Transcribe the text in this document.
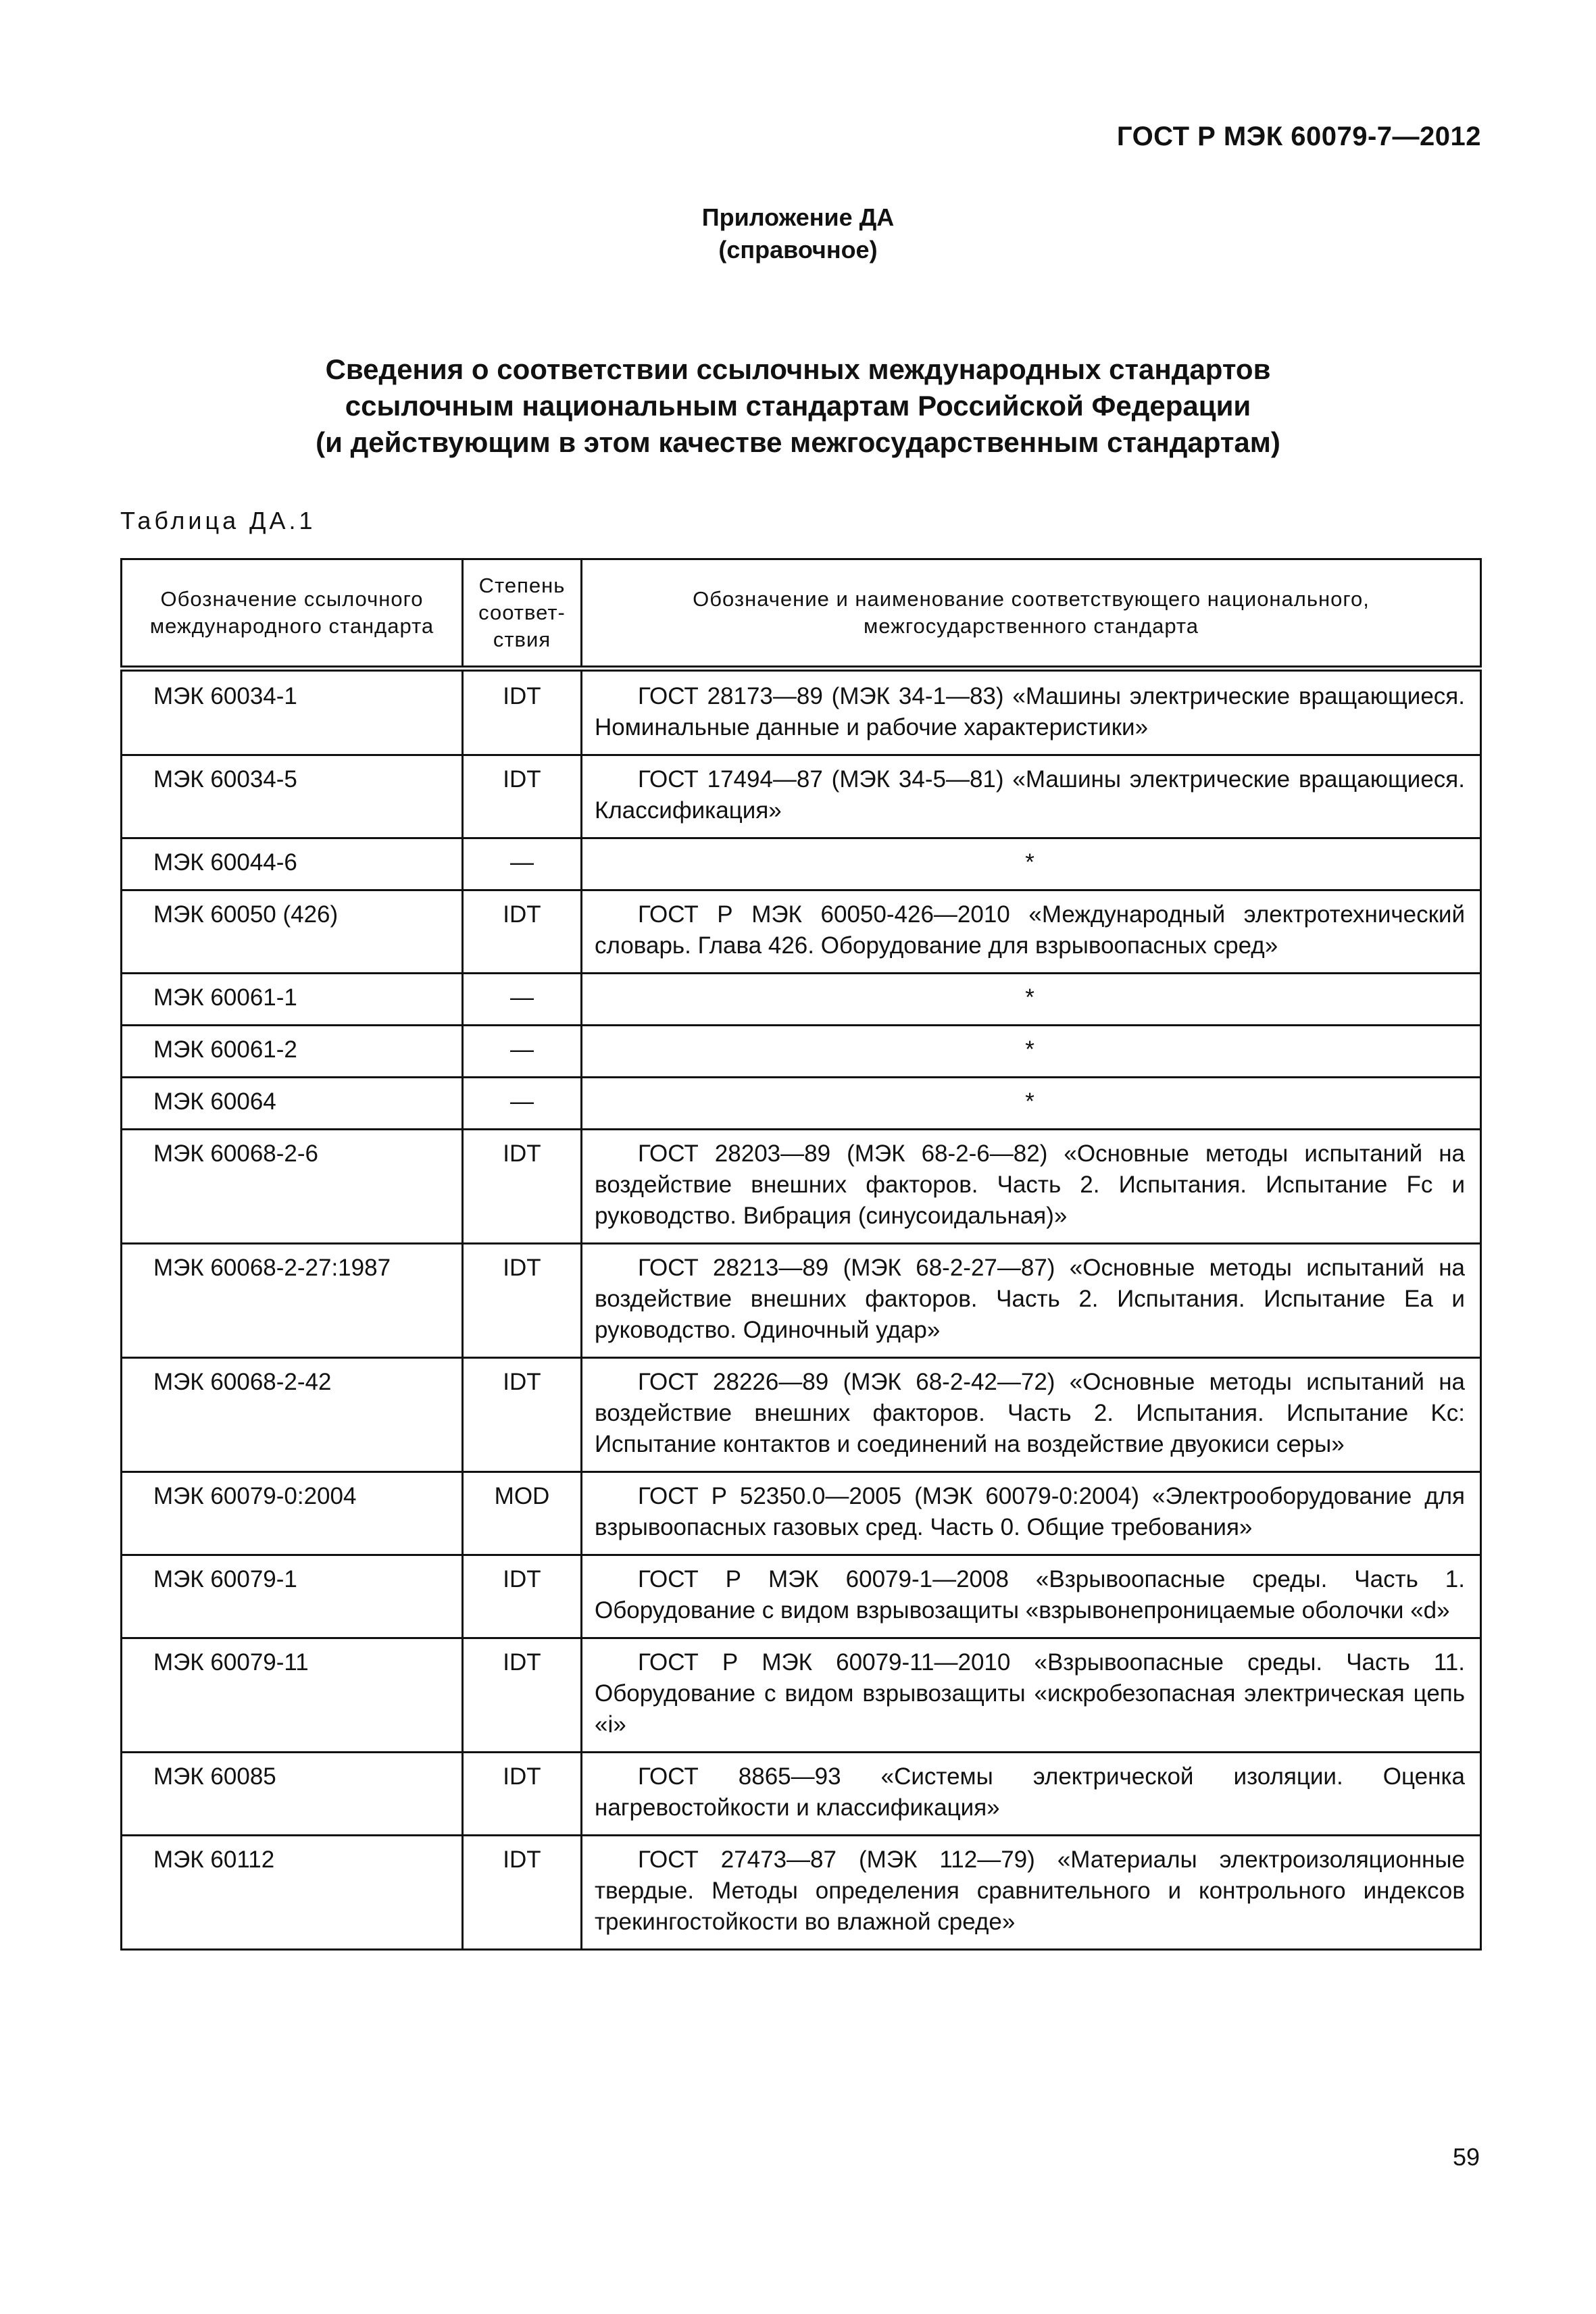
ГОСТ Р МЭК 60079-7—2012
Приложение ДА
(справочное)
Сведения о соответствии ссылочных международных стандартов
ссылочным национальным стандартам Российской Федерации
(и действующим в этом качестве межгосударственным стандартам)
Таблица ДА.1
Обозначение ссылочного международного стандарта	Степень соответ-ствия	Обозначение и наименование соответствующего национального, межгосударственного стандарта
МЭК 60034-1	IDT	ГОСТ 28173—89 (МЭК 34-1—83) «Машины электрические вращающиеся. Номинальные данные и рабочие характеристики»
МЭК 60034-5	IDT	ГОСТ 17494—87 (МЭК 34-5—81) «Машины электрические вращающиеся. Классификация»
МЭК 60044-6	—	*
МЭК 60050 (426)	IDT	ГОСТ Р МЭК 60050-426—2010 «Международный электротехнический словарь. Глава 426. Оборудование для взрывоопасных сред»
МЭК 60061-1	—	*
МЭК 60061-2	—	*
МЭК 60064	—	*
МЭК 60068-2-6	IDT	ГОСТ 28203—89 (МЭК 68-2-6—82) «Основные методы испытаний на воздействие внешних факторов. Часть 2. Испытания. Испытание Fc и руководство. Вибрация (синусоидальная)»
МЭК 60068-2-27:1987	IDT	ГОСТ 28213—89 (МЭК 68-2-27—87) «Основные методы испытаний на воздействие внешних факторов. Часть 2. Испытания. Испытание Ea и руководство. Одиночный удар»
МЭК 60068-2-42	IDT	ГОСТ 28226—89 (МЭК 68-2-42—72) «Основные методы испытаний на воздействие внешних факторов. Часть 2. Испытания. Испытание Kc: Испытание контактов и соединений на воздействие двуокиси серы»
МЭК 60079-0:2004	MOD	ГОСТ Р 52350.0—2005 (МЭК 60079-0:2004) «Электрооборудование для взрывоопасных газовых сред. Часть 0. Общие требования»
МЭК 60079-1	IDT	ГОСТ Р МЭК 60079-1—2008 «Взрывоопасные среды. Часть 1. Оборудование с видом взрывозащиты «взрывонепроницаемые оболочки «d»
МЭК 60079-11	IDT	ГОСТ Р МЭК 60079-11—2010 «Взрывоопасные среды. Часть 11. Оборудование с видом взрывозащиты «искробезопасная электрическая цепь «i»
МЭК 60085	IDT	ГОСТ 8865—93 «Системы электрической изоляции. Оценка нагревостойкости и классификация»
МЭК 60112	IDT	ГОСТ 27473—87 (МЭК 112—79) «Материалы электроизоляционные твердые. Методы определения сравнительного и контрольного индексов трекингостойкости во влажной среде»
59
